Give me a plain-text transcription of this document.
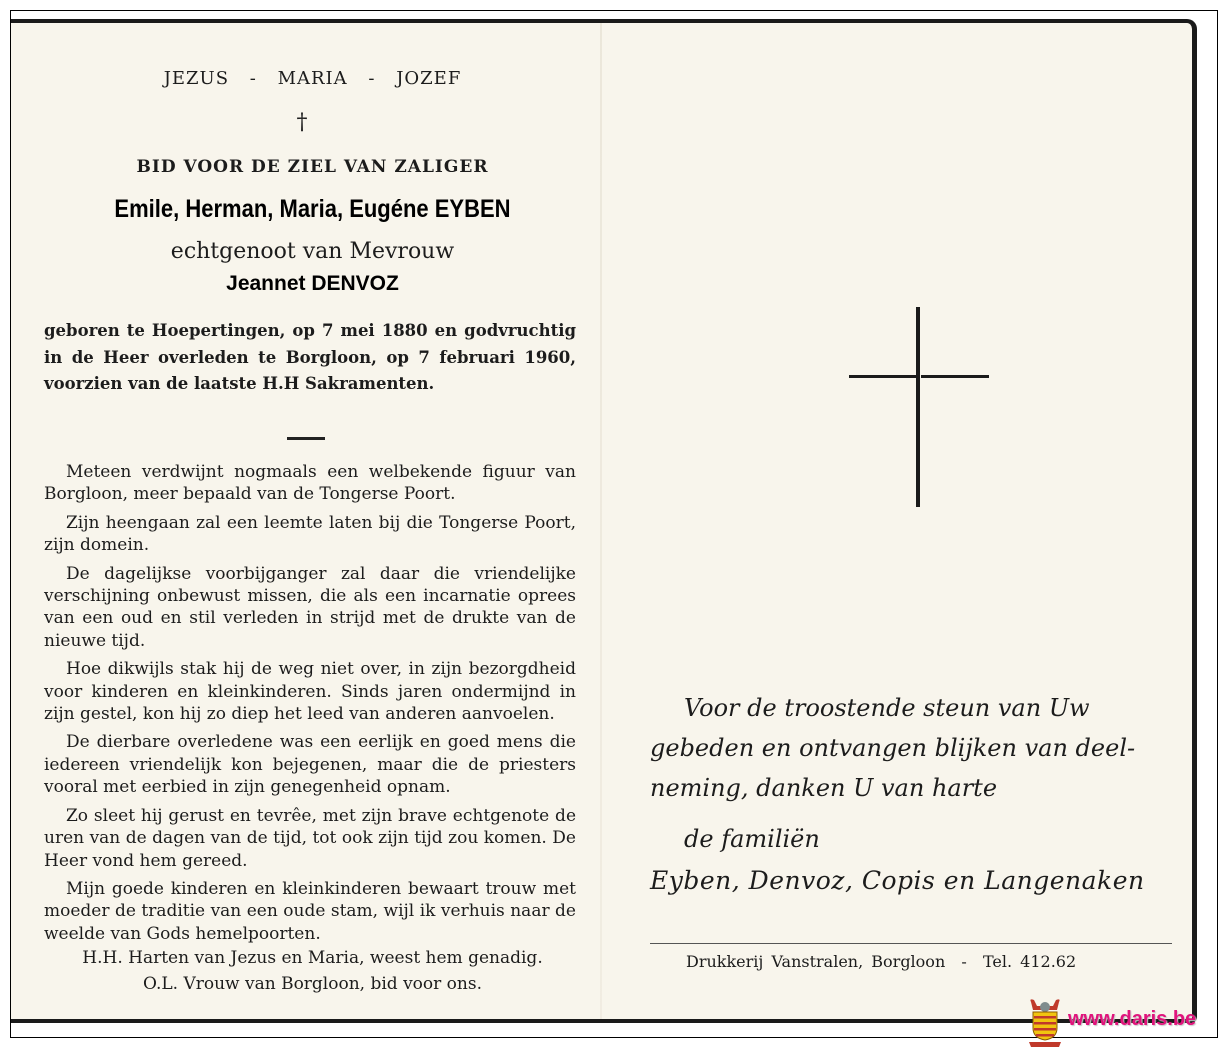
JEZUS - MARIA - JOZEF
†
BID VOOR DE ZIEL VAN ZALIGER
Emile, Herman, Maria, Eugéne EYBEN
echtgenoot van Mevrouw
Jeannet DENVOZ
geboren te Hoepertingen, op 7 mei 1880 en godvruchtig in de Heer overleden te Borgloon, op 7 februari 1960, voorzien van de laatste H.H Sakramenten.

Meteen verdwijnt nogmaals een welbekende figuur van Borgloon, meer bepaald van de Tongerse Poort.

Zijn heengaan zal een leemte laten bij die Tongerse Poort, zijn domein.

De dagelijkse voorbijganger zal daar die vriendelijke verschijning onbewust missen, die als een incarnatie oprees van een oud en stil verleden in strijd met de drukte van de nieuwe tijd.

Hoe dikwijls stak hij de weg niet over, in zijn bezorgdheid voor kinderen en kleinkinderen. Sinds jaren ondermijnd in zijn gestel, kon hij zo diep het leed van anderen aanvoelen.

De dierbare overledene was een eerlijk en goed mens die iedereen vriendelijk kon bejegenen, maar die de priesters vooral met eerbied in zijn genegenheid opnam.

Zo sleet hij gerust en tevrêe, met zijn brave echtgenote de uren van de dagen van de tijd, tot ook zijn tijd zou komen. De Heer vond hem gereed.

Mijn goede kinderen en kleinkinderen bewaart trouw met moeder de traditie van een oude stam, wijl ik verhuis naar de weelde van Gods hemelpoorten.

H.H. Harten van Jezus en Maria, weest hem genadig.
O.L. Vrouw van Borgloon, bid voor ons.
Voor de troostende steun van Uw
gebeden en ontvangen blijken van deel-
neming, danken U van harte
de familiën
Eyben, Denvoz, Copis en Langenaken
Drukkerij Vanstralen, Borgloon  -  Tel. 412.62
www.daris.be
